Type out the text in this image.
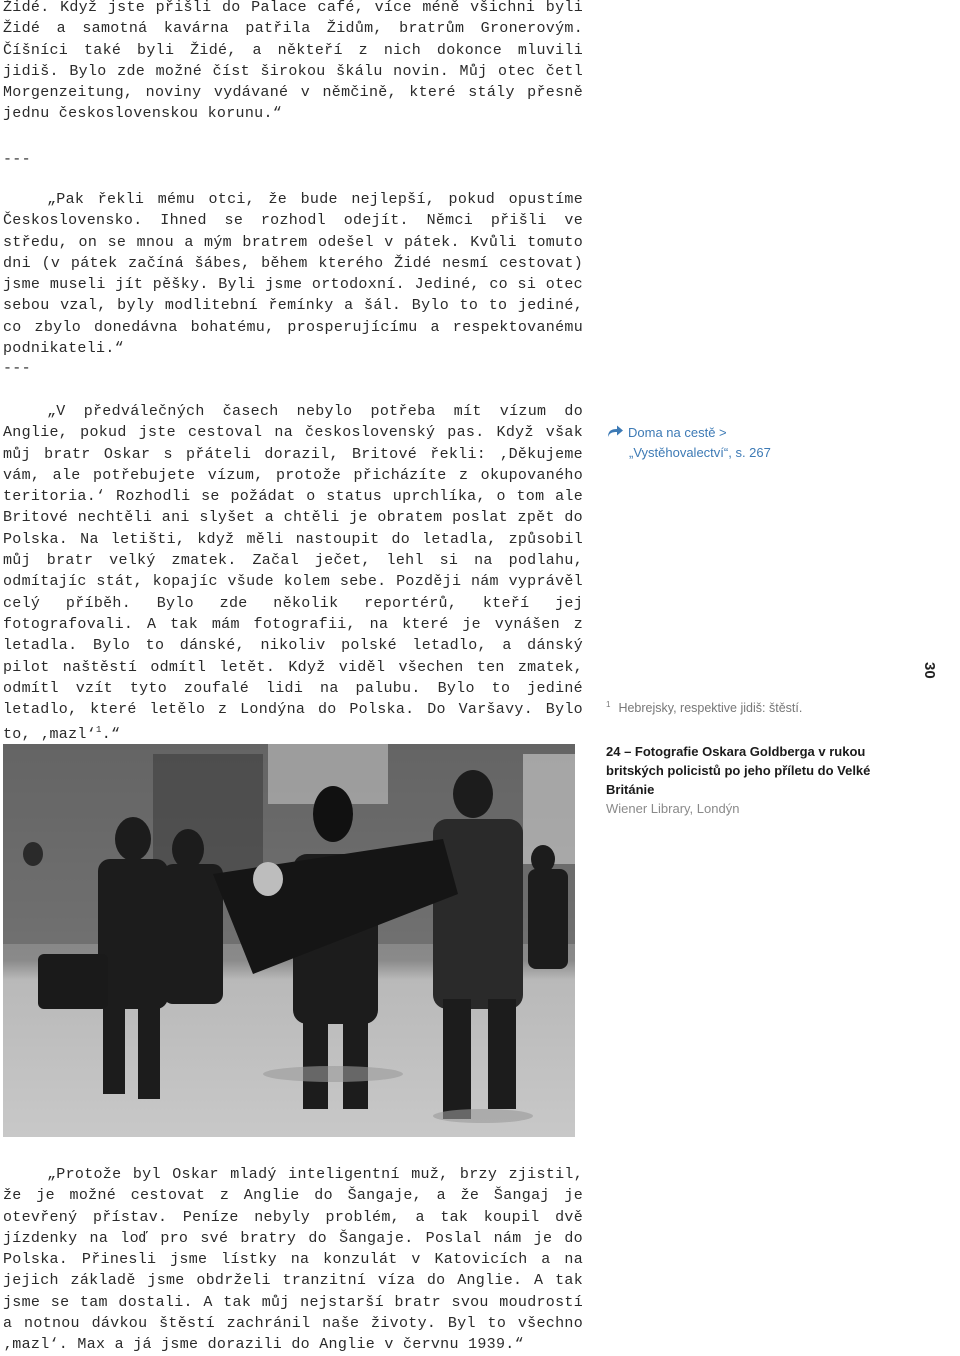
Židé. Když jste přišli do Palace café, více méně všichni byli Židé a samotná kavárna patřila Židům, bratrům Gronerovým. Číšníci také byli Židé, a někteří z nich dokonce mluvili jidiš. Bylo zde možné číst širokou škálu novin. Můj otec četl Morgenzeitung, noviny vydávané v němčině, které stály přesně jednu československou korunu.“

---

„Pak řekli mému otci, že bude nejlepší, pokud opustíme Československo. Ihned se rozhodl odejít. Němci přišli ve středu, on se mnou a mým bratrem odešel v pátek. Kvůli tomuto dni (v pátek začíná šábes, během kterého Židé nesmí cestovat) jsme museli jít pěšky. Byli jsme ortodoxní. Jediné, co si otec sebou vzal, byly modlitební řemínky a šál. Bylo to to jediné, co zbylo donedávna bohatému, prosperujícímu a respektovanému podnikateli.“

---

„V předválečných časech nebylo potřeba mít vízum do Anglie, pokud jste cestoval na československý pas. Když však můj bratr Oskar s přáteli dorazil, Britové řekli: ‚Děkujeme vám, ale potřebujete vízum, protože přicházíte z okupovaného teritoria.‘ Rozhodli se požádat o status uprchlíka, o tom ale Britové nechtěli ani slyšet a chtěli je obratem poslat zpět do Polska. Na letišti, když měli nastoupit do letadla, způsobil můj bratr velký zmatek. Začal ječet, lehl si na podlahu, odmítajíc stát, kopajíc všude kolem sebe. Později nám vyprávěl celý příběh. Bylo zde několik reportérů, kteří jej fotografovali. A tak mám fotografii, na které je vynášen z letadla. Bylo to dánské, nikoliv polské letadlo, a dánský pilot naštěstí odmítl letět. Když viděl všechen ten zmatek, odmítl vzít tyto zoufalé lidi na palubu. Bylo to jediné letadlo, které letělo z Londýna do Polska. Do Varšavy. Bylo to, ‚mazl‘$^1$.“

Doma na cestě >
„Vystěhovalectví“, s. 267
$^1$ Hebrejsky, respektive jidiš: štěstí.
30

24 – Fotografie Oskara Goldberga v rukou britských policistů po jeho příletu do Velké Británie

Wiener Library, Londýn

„Protože byl Oskar mladý inteligentní muž, brzy zjistil, že je možné cestovat z Anglie do Šangaje, a že Šangaj je otevřený přístav. Peníze nebyly problém, a tak koupil dvě jízdenky na loď pro své bratry do Šangaje. Poslal nám je do Polska. Přinesli jsme lístky na konzulát v Katovicích a na jejich základě jsme obdrželi tranzitní víza do Anglie. A tak jsme se tam dostali. A tak můj nejstarší bratr svou moudrostí a notnou dávkou štěstí zachránil naše životy. Byl to všechno ‚mazl‘. Max a já jsme dorazili do Anglie v červnu 1939.“
